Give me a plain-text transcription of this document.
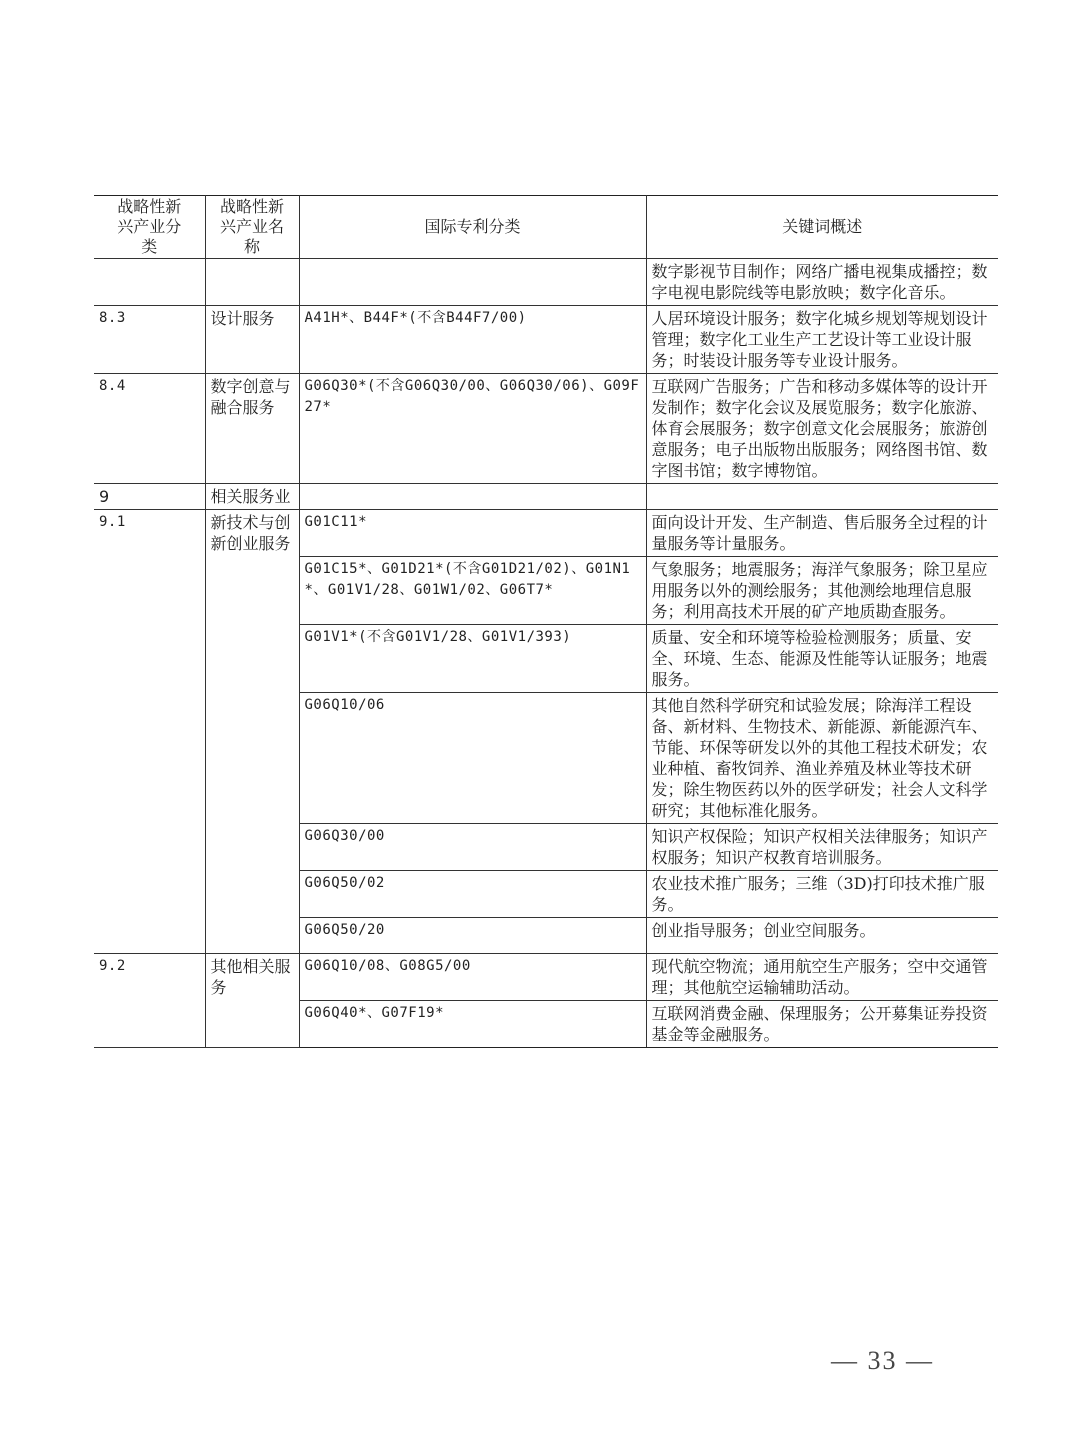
战略性新兴产业分类	战略性新兴产业名称	国际专利分类	关键词概述
			数字影视节目制作；网络广播电视集成播控；数字电视电影院线等电影放映；数字化音乐。
8.3	设计服务	A41H*、B44F*(不含B44F7/00)	人居环境设计服务；数字化城乡规划等规划设计管理；数字化工业生产工艺设计等工业设计服务；时装设计服务等专业设计服务。
8.4	数字创意与融合服务	G06Q30*(不含G06Q30/00、G06Q30/06)、G09F27*	互联网广告服务；广告和移动多媒体等的设计开发制作；数字化会议及展览服务；数字化旅游、体育会展服务；数字创意文化会展服务；旅游创意服务；电子出版物出版服务；网络图书馆、数字图书馆；数字博物馆。
9	相关服务业		
9.1	新技术与创新创业服务	G01C11*	面向设计开发、生产制造、售后服务全过程的计量服务等计量服务。
		G01C15*、G01D21*(不含G01D21/02)、G01N1*、G01V1/28、G01W1/02、G06T7*	气象服务；地震服务；海洋气象服务；除卫星应用服务以外的测绘服务；其他测绘地理信息服务；利用高技术开展的矿产地质勘查服务。
		G01V1*(不含G01V1/28、G01V1/393)	质量、安全和环境等检验检测服务；质量、安全、环境、生态、能源及性能等认证服务；地震服务。
		G06Q10/06	其他自然科学研究和试验发展；除海洋工程设备、新材料、生物技术、新能源、新能源汽车、节能、环保等研发以外的其他工程技术研发；农业种植、畜牧饲养、渔业养殖及林业等技术研发；除生物医药以外的医学研发；社会人文科学研究；其他标准化服务。
		G06Q30/00	知识产权保险；知识产权相关法律服务；知识产权服务；知识产权教育培训服务。
		G06Q50/02	农业技术推广服务；三维（3D)打印技术推广服务。
		G06Q50/20	创业指导服务；创业空间服务。
9.2	其他相关服务	G06Q10/08、G08G5/00	现代航空物流；通用航空生产服务；空中交通管理；其他航空运输辅助活动。
		G06Q40*、G07F19*	互联网消费金融、保理服务；公开募集证券投资基金等金融服务。
— 33 —
